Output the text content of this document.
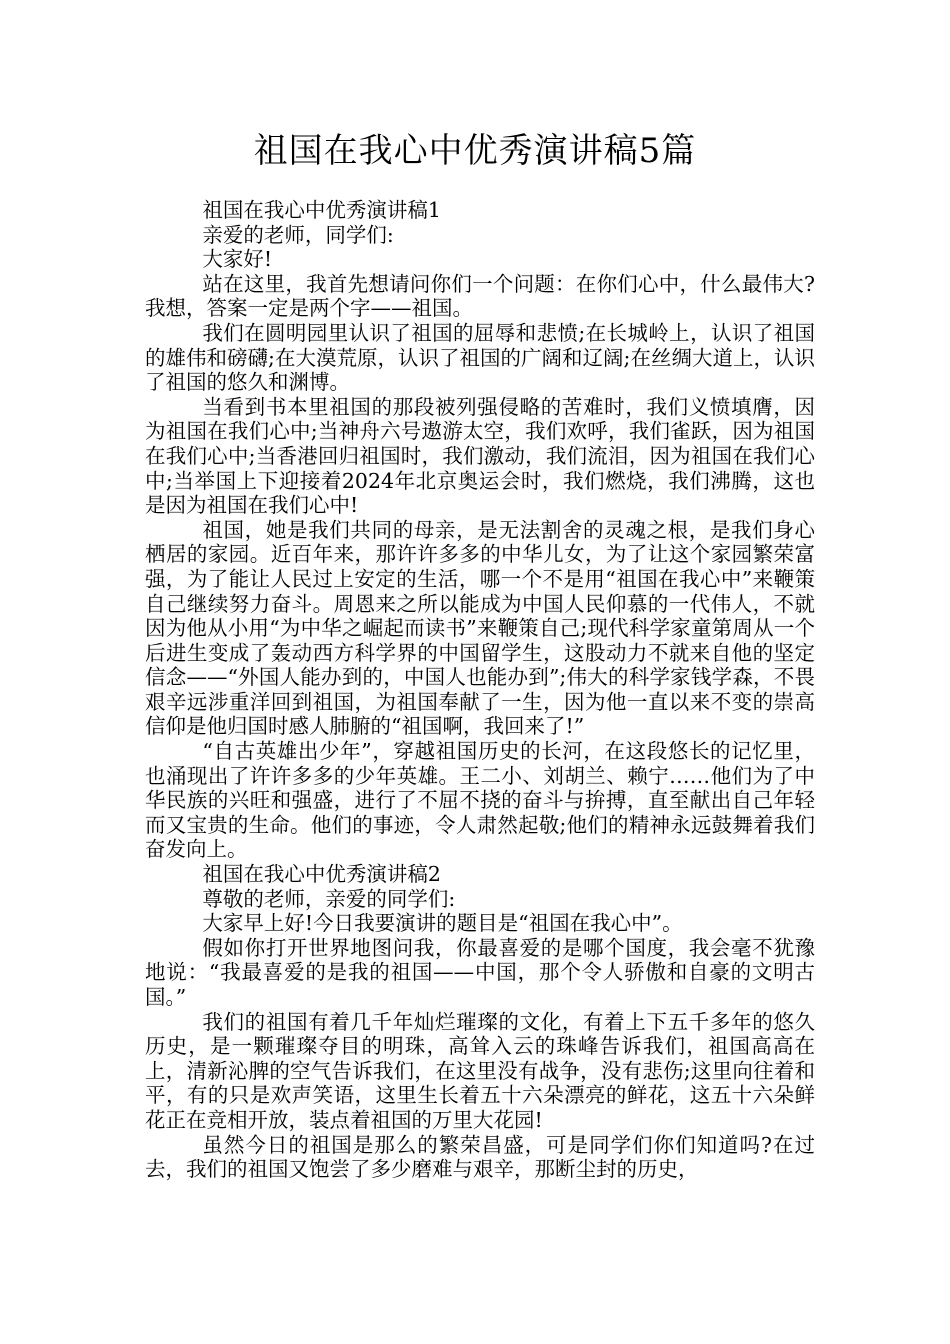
祖国在我心中优秀演讲稿5篇

祖国在我心中优秀演讲稿1

亲爱的老师，同学们:

大家好!

站在这里，我首先想请问你们一个问题：在你们心中，什么最伟大?我想，答案一定是两个字——祖国。

我们在圆明园里认识了祖国的屈辱和悲愤;在长城岭上，认识了祖国的雄伟和磅礴;在大漠荒原，认识了祖国的广阔和辽阔;在丝绸大道上，认识了祖国的悠久和渊博。

当看到书本里祖国的那段被列强侵略的苦难时，我们义愤填膺，因为祖国在我们心中;当神舟六号遨游太空，我们欢呼，我们雀跃，因为祖国在我们心中;当香港回归祖国时，我们激动，我们流泪，因为祖国在我们心中;当举国上下迎接着2024年北京奥运会时，我们燃烧，我们沸腾，这也是因为祖国在我们心中!

祖国，她是我们共同的母亲，是无法割舍的灵魂之根，是我们身心栖居的家园。近百年来，那许许多多的中华儿女，为了让这个家园繁荣富强，为了能让人民过上安定的生活，哪一个不是用“祖国在我心中”来鞭策自己继续努力奋斗。周恩来之所以能成为中国人民仰慕的一代伟人，不就因为他从小用“为中华之崛起而读书”来鞭策自己;现代科学家童第周从一个后进生变成了轰动西方科学界的中国留学生，这股动力不就来自他的坚定信念——“外国人能办到的，中国人也能办到”;伟大的科学家钱学森，不畏艰辛远涉重洋回到祖国，为祖国奉献了一生，因为他一直以来不变的崇高信仰是他归国时感人肺腑的“祖国啊，我回来了!”

“自古英雄出少年”，穿越祖国历史的长河，在这段悠长的记忆里，也涌现出了许许多多的少年英雄。王二小、刘胡兰、赖宁……他们为了中华民族的兴旺和强盛，进行了不屈不挠的奋斗与拚搏，直至献出自己年轻而又宝贵的生命。他们的事迹，令人肃然起敬;他们的精神永远鼓舞着我们奋发向上。

祖国在我心中优秀演讲稿2

尊敬的老师，亲爱的同学们:

大家早上好!今日我要演讲的题目是“祖国在我心中”。

假如你打开世界地图问我，你最喜爱的是哪个国度，我会毫不犹豫地说：“我最喜爱的是我的祖国——中国，那个令人骄傲和自豪的文明古国。”

我们的祖国有着几千年灿烂璀璨的文化，有着上下五千多年的悠久历史，是一颗璀璨夺目的明珠，高耸入云的珠峰告诉我们，祖国高高在上，清新沁脾的空气告诉我们，在这里没有战争，没有悲伤;这里向往着和平，有的只是欢声笑语，这里生长着五十六朵漂亮的鲜花，这五十六朵鲜花正在竞相开放，装点着祖国的万里大花园!

虽然今日的祖国是那么的繁荣昌盛，可是同学们你们知道吗?在过去，我们的祖国又饱尝了多少磨难与艰辛，那断尘封的历史，
